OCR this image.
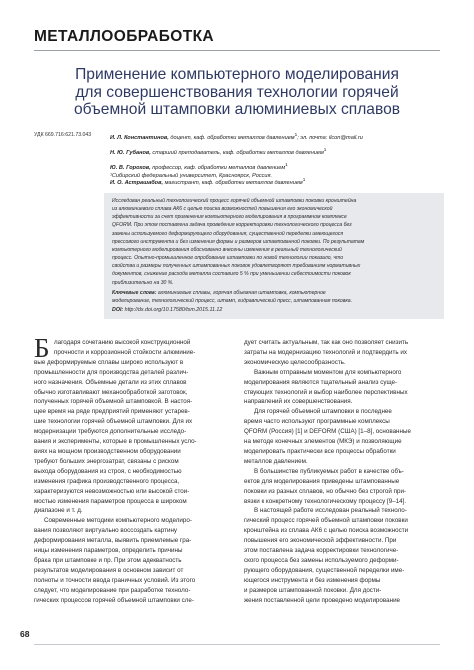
МЕТАЛЛООБРАБОТКА
Применение компьютерного моделирования
для совершенствования технологии горячей
объемной штамповки алюминиевых сплавов
УДК 669.716:621.73.043	И. Л. Константинов, доцент, каф. обработки металлов давлением$^1$; эл. почта: ilcon@mail.ru
Н. Ю. Губанов, старший преподаватель, каф. обработки металлов давлением$^1$
Ю. В. Горохов, профессор, каф. обработки металлов давлением$^1$
И. О. Астрашабов, магистрант, каф. обработки металлов давлением$^1$
¹Сибирский федеральный университет, Красноярск, Россия.
Исследован реальный технологический процесс горячей объемной штамповки поковки кронштейна
из алюминиевого сплава АК6 с целью поиска возможностей повышения его экономической
эффективности за счет применения компьютерного моделирования в программном комплексе
QFORM. При этом поставлена задача проведения корректировки технологического процесса без
замены используемого деформирующего оборудования, существенной переделки имеющегося
прессового инструмента и без изменения формы и размеров штампованной поковки. По результатам
компьютерного моделирования обоснованно внесены изменения в реальный технологический
процесс. Опытно-промышленное опробование штамповки по новой технологии показало, что
свойства и размеры полученных штампованных поковок удовлетворяют требованиям нормативных
документов, снижение расхода металла составило 5 % при уменьшении себестоимости поковок
приблизительно на 30 %.
Ключевые слова: алюминиевые сплавы, горячая объемная штамповка, компьютерное
моделирование, технологический процесс, штамп, гидравлический пресс, штампованная поковка.
DOI: http://dx.doi.org/10.17580/tsm.2015.11.12
Б лагодаря сочетанию высокой конструкционной
прочности и коррозионной стойкости алюминие-
вые деформируемые сплавы широко используют в
промышленности для производства деталей различ-
ного назначения. Объемные детали из этих сплавов
обычно изготавливают механообработкой заготовок,
полученных горячей объемной штамповкой. В настоя-
щее время на ряде предприятий применяют устарев-
шие технологии горячей объемной штамповки. Для их
модернизации требуются дополнительные исследо-
вания и эксперименты, которые в промышленных усло-
виях на мощном производственном оборудовании
требуют больших энергозатрат, связаны с риском
выхода оборудования из строя, с необходимостью
изменения графика производственного процесса,
характеризуются невозможностью или высокой стои-
мостью изменения параметров процесса в широком
диапазоне и т. д.
Современные методики компьютерного моделиро-
вания позволяют виртуально воссоздать картину
деформирования металла, выявить приемлемые гра-
ницы изменения параметров, определить причины
брака при штамповке и пр. При этом адекватность
результатов моделирования в основном зависит от
полноты и точности ввода граничных условий. Из этого
следует, что моделирование при разработке техноло-
гических процессов горячей объемной штамповки сле-
дует считать актуальным, так как оно позволяет снизить
затраты на модернизацию технологий и подтвердить их
экономическую целесообразность.
Важным отправным моментом для компьютерного
моделирования являются тщательный анализ суще-
ствующих технологий и выбор наиболее перспективных
направлений их совершенствования.
Для горячей объемной штамповки в последнее
время часто используют программные комплексы
QFORM (Россия) [1] и DEFORM (США) [1–8], основанные
на методе конечных элементов (МКЭ) и позволяющие
моделировать практически все процессы обработки
металлов давлением.
В большинстве публикуемых работ в качестве объ-
ектов для моделирования приведены штампованные
поковки из разных сплавов, но обычно без строгой при-
вязки к конкретному технологическому процессу [9–14].
В настоящей работе исследован реальный техноло-
гический процесс горячей объемной штамповки поковки
кронштейна из сплава АК6 с целью поиска возможности
повышения его экономической эффективности. При
этом поставлена задача корректировки технологиче-
ского процесса без замены используемого деформи-
рующего оборудования, существенной переделки име-
ющегося инструмента и без изменения формы
и размеров штампованной поковки. Для дости-
жения поставленной цели проведено моделирование
68
